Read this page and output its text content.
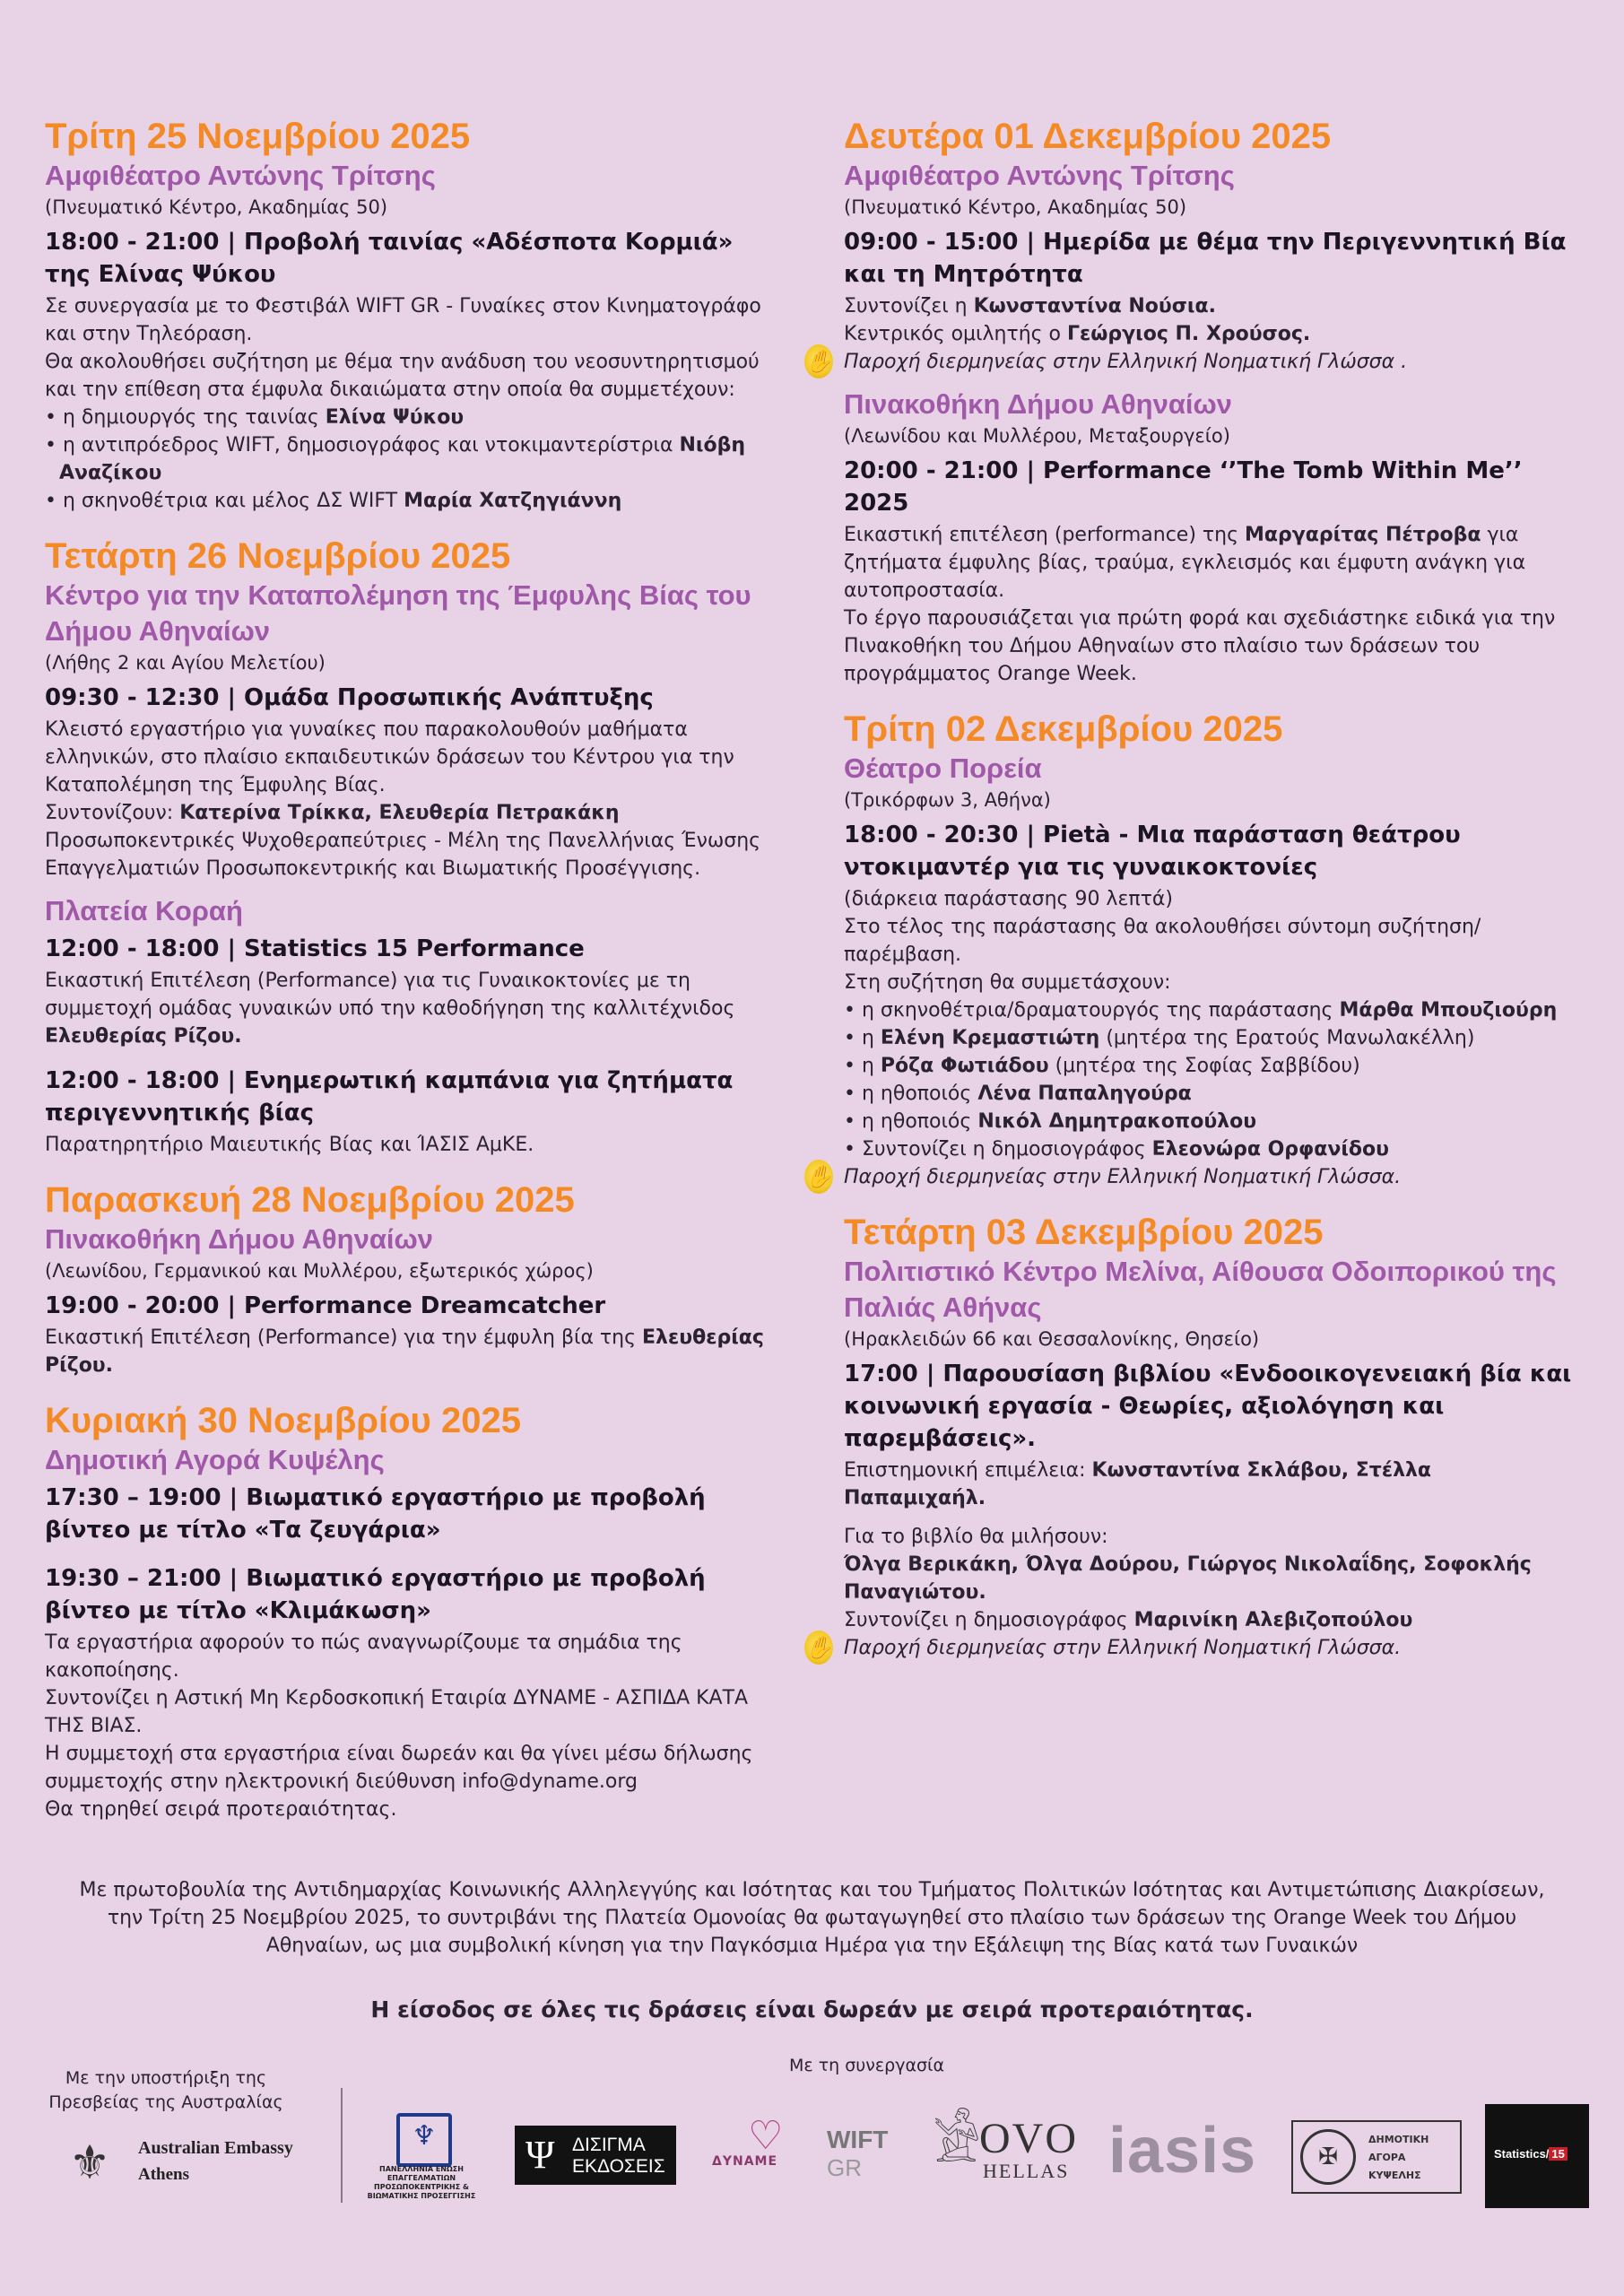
Τρίτη 25 Νοεμβρίου 2025
Αμφιθέατρο Αντώνης Τρίτσης

(Πνευματικό Κέντρο, Ακαδημίας 50)

18:00 - 21:00 | Προβολή ταινίας «Αδέσποτα Κορμιά» της Ελίνας Ψύκου

Σε συνεργασία με το Φεστιβάλ WIFT GR - Γυναίκες στον Κινηματογράφο και στην Τηλεόραση.

Θα ακολουθήσει συζήτηση με θέμα την ανάδυση του νεοσυντηρητισμού και την επίθεση στα έμφυλα δικαιώματα στην οποία θα συμμετέχουν:

• η δημιουργός της ταινίας Ελίνα Ψύκου
• η αντιπρόεδρος WIFT, δημοσιογράφος και ντοκιμαντερίστρια Νιόβη Αναζίκου
• η σκηνοθέτρια και μέλος ΔΣ WIFT Μαρία Χατζηγιάννη
Τετάρτη 26 Νοεμβρίου 2025
Κέντρο για την Καταπολέμηση της Έμφυλης Βίας του Δήμου Αθηναίων

(Λήθης 2 και Αγίου Μελετίου)

09:30 - 12:30 | Ομάδα Προσωπικής Ανάπτυξης

Κλειστό εργαστήριο για γυναίκες που παρακολουθούν μαθήματα ελληνικών, στο πλαίσιο εκπαιδευτικών δράσεων του Κέντρου για την Καταπολέμηση της Έμφυλης Βίας.

Συντονίζουν: Κατερίνα Τρίκκα, Ελευθερία Πετρακάκη

Προσωποκεντρικές Ψυχοθεραπεύτριες - Μέλη της Πανελλήνιας Ένωσης Επαγγελματιών Προσωποκεντρικής και Βιωματικής Προσέγγισης.

Πλατεία Κοραή

12:00 - 18:00 | Statistics 15 Performance

Εικαστική Επιτέλεση (Performance) για τις Γυναικοκτονίες με τη συμμετοχή ομάδας γυναικών υπό την καθοδήγηση της καλλιτέχνιδος Ελευθερίας Ρίζου.

12:00 - 18:00 | Ενημερωτική καμπάνια για ζητήματα περιγεννητικής βίας

Παρατηρητήριο Μαιευτικής Βίας και ΊΑΣΙΣ ΑμΚΕ.

Παρασκευή 28 Νοεμβρίου 2025
Πινακοθήκη Δήμου Αθηναίων

(Λεωνίδου, Γερμανικού και Μυλλέρου, εξωτερικός χώρος)

19:00 - 20:00 | Performance Dreamcatcher

Εικαστική Επιτέλεση (Performance) για την έμφυλη βία της Ελευθερίας Ρίζου.

Κυριακή 30 Νοεμβρίου 2025
Δημοτική Αγορά Κυψέλης

17:30 – 19:00 | Βιωματικό εργαστήριο με προβολή βίντεο με τίτλο «Τα ζευγάρια»

19:30 – 21:00 | Βιωματικό εργαστήριο με προβολή βίντεο με τίτλο «Κλιμάκωση»

Τα εργαστήρια αφορούν το πώς αναγνωρίζουμε τα σημάδια της κακοποίησης.

Συντονίζει η Αστική Μη Κερδοσκοπική Εταιρία ΔΥΝΑΜΕ - ΑΣΠΙΔΑ ΚΑΤΑ ΤΗΣ ΒΙΑΣ.

Η συμμετοχή στα εργαστήρια είναι δωρεάν και θα γίνει μέσω δήλωσης συμμετοχής στην ηλεκτρονική διεύθυνση info@dyname.org

Θα τηρηθεί σειρά προτεραιότητας.

Δευτέρα 01 Δεκεμβρίου 2025
Αμφιθέατρο Αντώνης Τρίτσης

(Πνευματικό Κέντρο, Ακαδημίας 50)

09:00 - 15:00 | Ημερίδα με θέμα την Περιγεννητική Βία και τη Μητρότητα

Συντονίζει η Κωνσταντίνα Νούσια.

Κεντρικός ομιλητής ο Γεώργιος Π. Χρούσος.

✋ Παροχή διερμηνείας στην Ελληνική Νοηματική Γλώσσα .

Πινακοθήκη Δήμου Αθηναίων

(Λεωνίδου και Μυλλέρου, Μεταξουργείο)

20:00 - 21:00 | Performance ‘’The Tomb Within Me’’ 2025

Εικαστική επιτέλεση (performance) της Μαργαρίτας Πέτροβα για ζητήματα έμφυλης βίας, τραύμα, εγκλεισμός και έμφυτη ανάγκη για αυτοπροστασία.

Το έργο παρουσιάζεται για πρώτη φορά και σχεδιάστηκε ειδικά για την Πινακοθήκη του Δήμου Αθηναίων στο πλαίσιο των δράσεων του προγράμματος Orange Week.

Τρίτη 02 Δεκεμβρίου 2025
Θέατρο Πορεία

(Τρικόρφων 3, Αθήνα)

18:00 - 20:30 | Pietà - Μια παράσταση θεάτρου ντοκιμαντέρ για τις γυναικοκτονίες

(διάρκεια παράστασης 90 λεπτά)

Στο τέλος της παράστασης θα ακολουθήσει σύντομη συζήτηση/παρέμβαση.

Στη συζήτηση θα συμμετάσχουν:

• η σκηνοθέτρια/δραματουργός της παράστασης Μάρθα Μπουζιούρη
• η Ελένη Κρεμαστιώτη (μητέρα της Ερατούς Μανωλακέλλη)
• η Ρόζα Φωτιάδου (μητέρα της Σοφίας Σαββίδου)
• η ηθοποιός Λένα Παπαληγούρα
• η ηθοποιός Νικόλ Δημητρακοπούλου
• Συντονίζει η δημοσιογράφος Ελεονώρα Ορφανίδου

✋ Παροχή διερμηνείας στην Ελληνική Νοηματική Γλώσσα.

Τετάρτη 03 Δεκεμβρίου 2025
Πολιτιστικό Κέντρο Μελίνα, Αίθουσα Οδοιπορικού της Παλιάς Αθήνας

(Ηρακλειδών 66 και Θεσσαλονίκης, Θησείο)

17:00 | Παρουσίαση βιβλίου «Ενδοοικογενειακή βία και κοινωνική εργασία - Θεωρίες, αξιολόγηση και παρεμβάσεις».

Επιστημονική επιμέλεια: Κωνσταντίνα Σκλάβου, Στέλλα Παπαμιχαήλ.

Για το βιβλίο θα μιλήσουν:

Όλγα Βερικάκη, Όλγα Δούρου, Γιώργος Νικολαΐδης, Σοφοκλής Παναγιώτου.

Συντονίζει η δημοσιογράφος Μαρινίκη Αλεβιζοπούλου

✋ Παροχή διερμηνείας στην Ελληνική Νοηματική Γλώσσα.

Με πρωτοβουλία της Αντιδημαρχίας Κοινωνικής Αλληλεγγύης και Ισότητας και του Τμήματος Πολιτικών Ισότητας και Αντιμετώπισης Διακρίσεων, την Τρίτη 25 Νοεμβρίου 2025, το συντριβάνι της Πλατεία Ομονοίας θα φωταγωγηθεί στο πλαίσιο των δράσεων της Orange Week του Δήμου Αθηναίων, ως μια συμβολική κίνηση για την Παγκόσμια Ημέρα για την Εξάλειψη της Βίας κατά των Γυναικών

Η είσοδος σε όλες τις δράσεις είναι δωρεάν με σειρά προτεραιότητας.

Με την υποστήριξη της Πρεσβείας της Αυστραλίας

Με τη συνεργασία

⚜	Australian Embassy
Athens
♆
ΠΑΝΕΛΛΗΝΙΑ ΕΝΩΣΗ ΕΠΑΓΓΕΛΜΑΤΙΩΝ ΠΡΟΣΩΠΟΚΕΝΤΡΙΚΗΣ & ΒΙΩΜΑΤΙΚΗΣ ΠΡΟΣΕΓΓΙΣΗΣ
Ψ ΔΙΣΙΓΜΑ
ΕΚΔΟΣΕΙΣ
♡
ΔΥΝΑΜΕ
WIFT
GR 𓀀
OVO
HELLAS iasis	✠
ΔΗΜΟΤΙΚΗ
ΑΓΟΡΑ
ΚΥΨΕΛΗΣ
Statistics/ 15
